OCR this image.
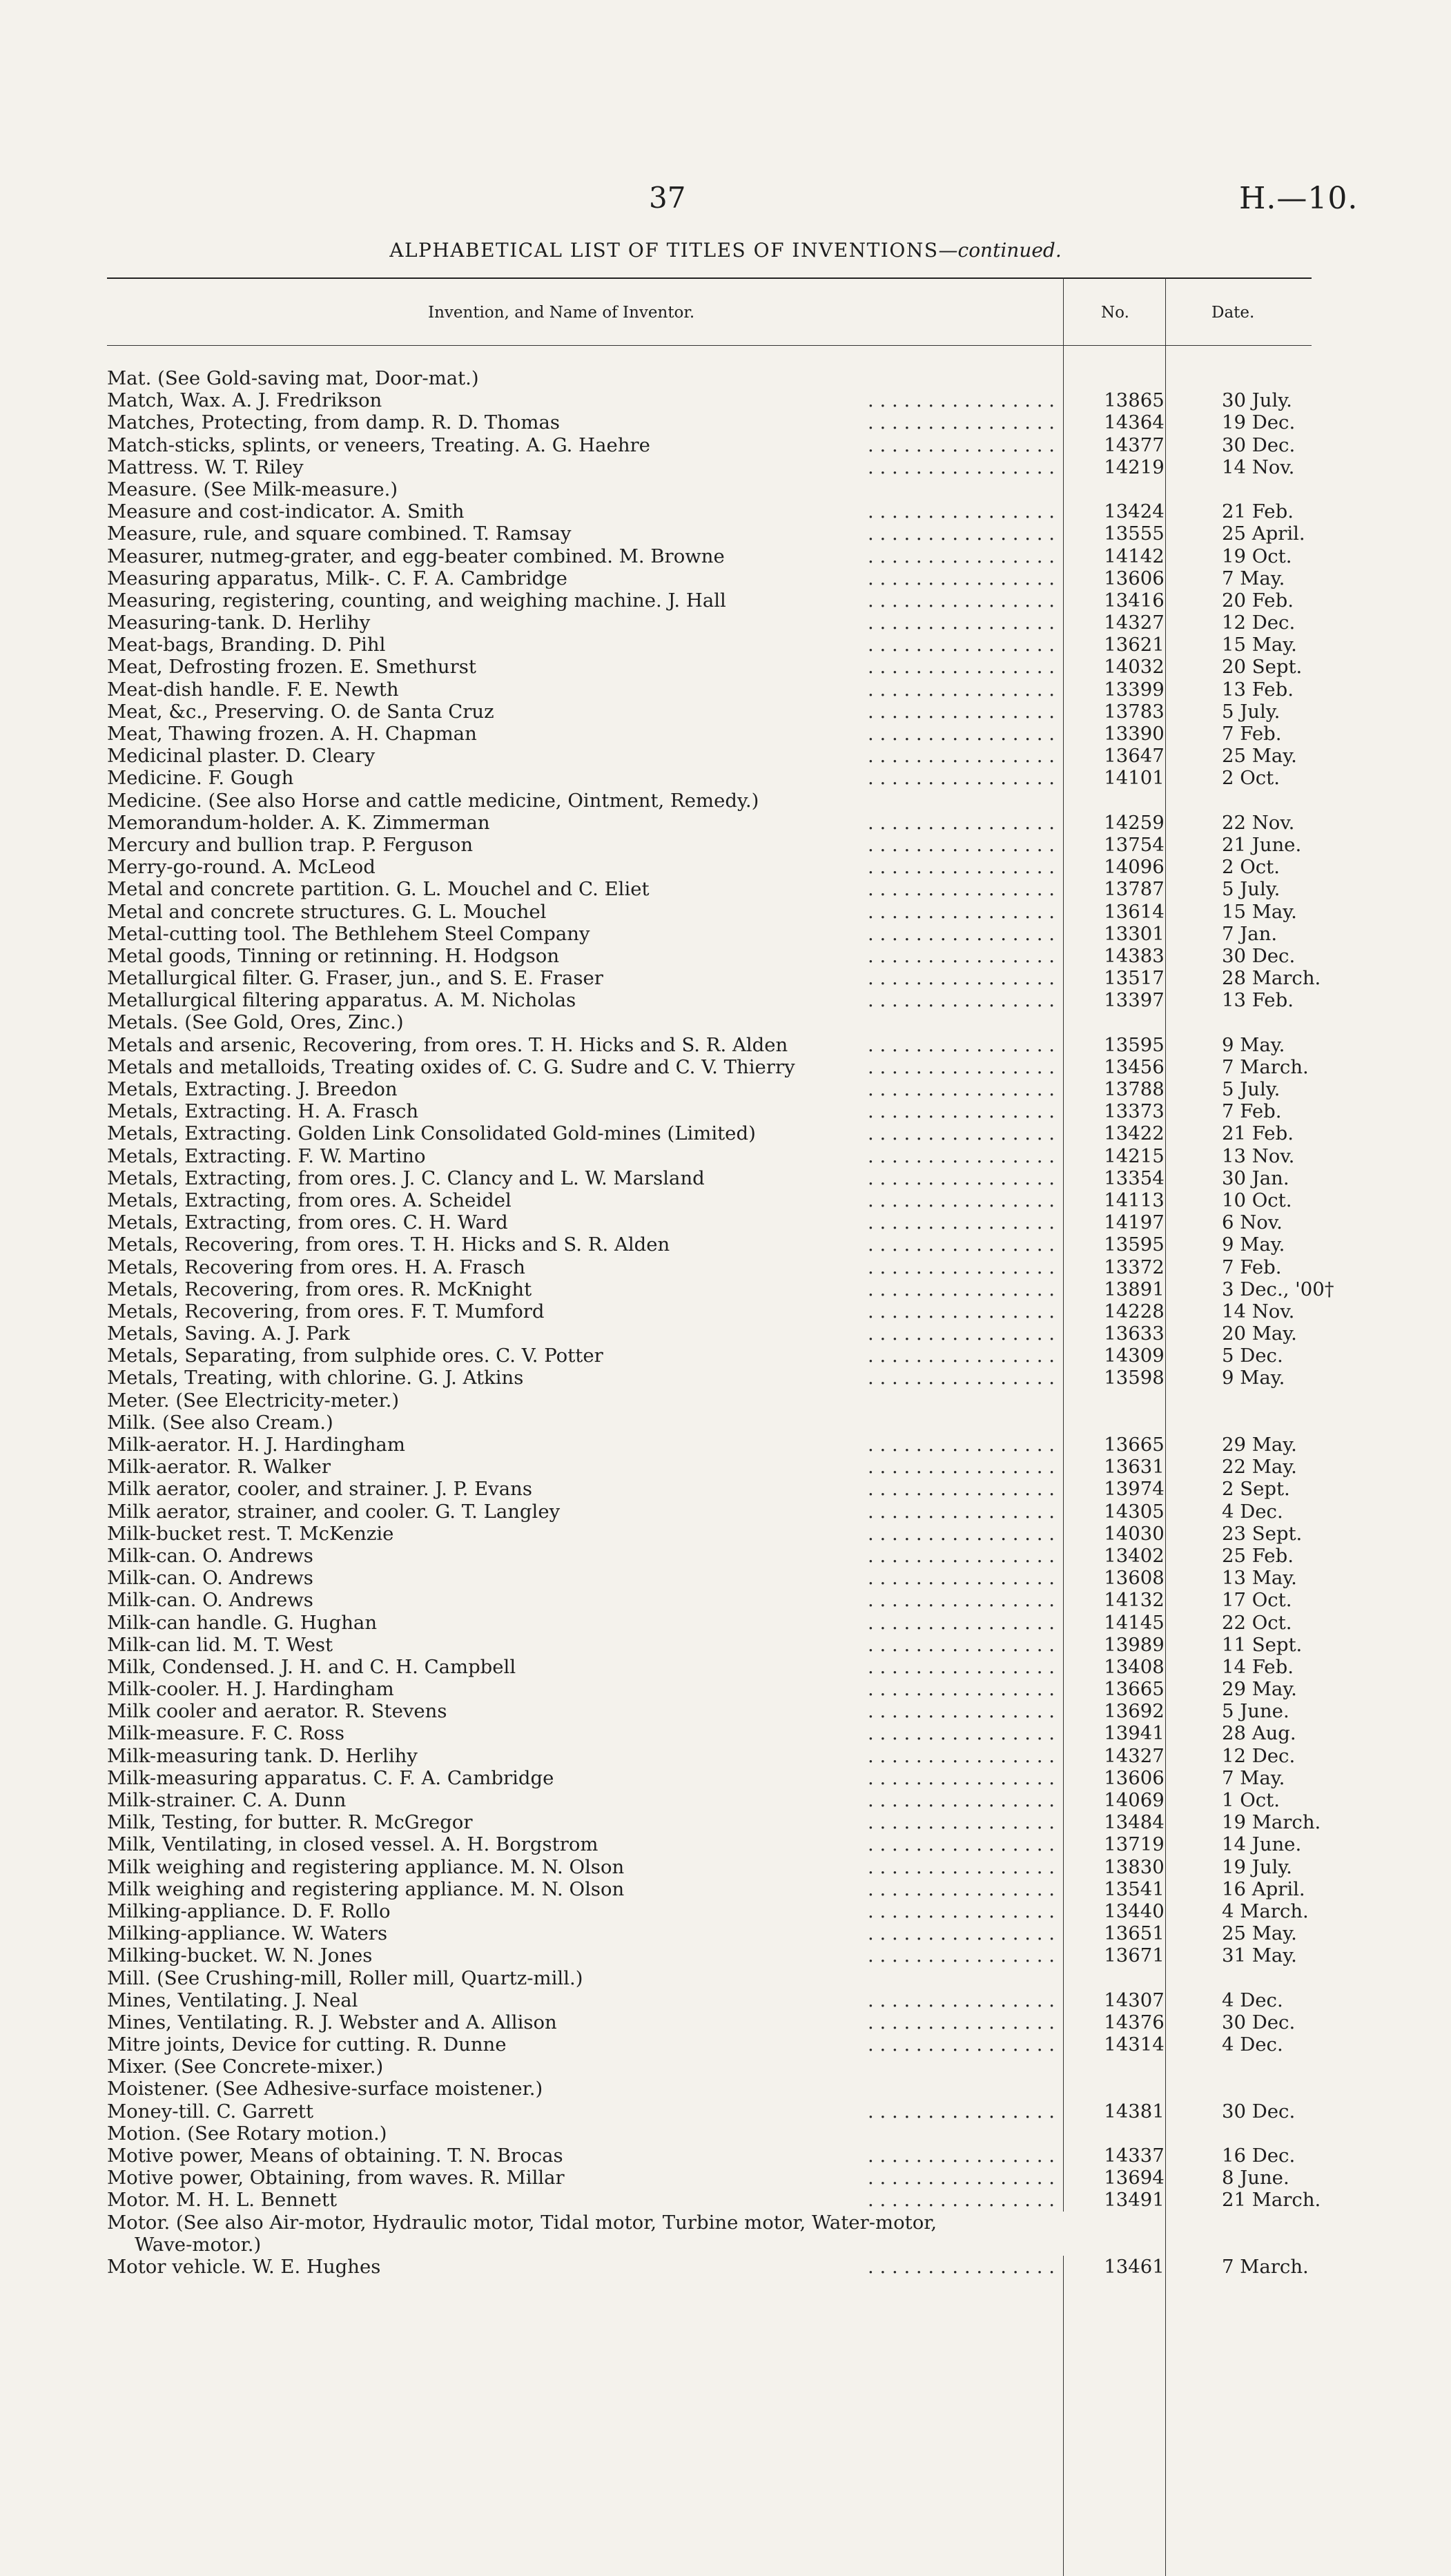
37	H.—10.
ALPHABETICAL LIST OF TITLES OF INVENTIONS—continued.
Invention, and Name of Inventor.	No.	Date.
Mat. (See Gold-saving mat, Door-mat.)
. . . . . . . . . . . . . . . .
Match, Wax. A. J. Fredrikson	13865	30 July.
. . . . . . . . . . . . . . . .
Matches, Protecting, from damp. R. D. Thomas	14364	19 Dec.
. . . . . . . . . . . . . . . .
Match-sticks, splints, or veneers, Treating. A. G. Haehre	14377	30 Dec.
. . . . . . . . . . . . . . . .
Mattress. W. T. Riley	14219	14 Nov.
Measure. (See Milk-measure.)
. . . . . . . . . . . . . . . .
Measure and cost-indicator. A. Smith	13424	21 Feb.
. . . . . . . . . . . . . . . .
Measure, rule, and square combined. T. Ramsay	13555	25 April.
. . . . . . . . . . . . . . . .
Measurer, nutmeg-grater, and egg-beater combined. M. Browne	14142	19 Oct.
. . . . . . . . . . . . . . . .
Measuring apparatus, Milk-. C. F. A. Cambridge	13606	7 May.
. . . . . . . . . . . . . . . .
Measuring, registering, counting, and weighing machine. J. Hall	13416	20 Feb.
. . . . . . . . . . . . . . . .
Measuring-tank. D. Herlihy	14327	12 Dec.
. . . . . . . . . . . . . . . .
Meat-bags, Branding. D. Pihl	13621	15 May.
. . . . . . . . . . . . . . . .
Meat, Defrosting frozen. E. Smethurst	14032	20 Sept.
. . . . . . . . . . . . . . . .
Meat-dish handle. F. E. Newth	13399	13 Feb.
. . . . . . . . . . . . . . . .
Meat, &c., Preserving. O. de Santa Cruz	13783	5 July.
. . . . . . . . . . . . . . . .
Meat, Thawing frozen. A. H. Chapman	13390	7 Feb.
. . . . . . . . . . . . . . . .
Medicinal plaster. D. Cleary	13647	25 May.
. . . . . . . . . . . . . . . .
Medicine. F. Gough	14101	2 Oct.
Medicine. (See also Horse and cattle medicine, Ointment, Remedy.)
. . . . . . . . . . . . . . . .
Memorandum-holder. A. K. Zimmerman	14259	22 Nov.
. . . . . . . . . . . . . . . .
Mercury and bullion trap. P. Ferguson	13754	21 June.
. . . . . . . . . . . . . . . .
Merry-go-round. A. McLeod	14096	2 Oct.
. . . . . . . . . . . . . . . .
Metal and concrete partition. G. L. Mouchel and C. Eliet	13787	5 July.
. . . . . . . . . . . . . . . .
Metal and concrete structures. G. L. Mouchel	13614	15 May.
. . . . . . . . . . . . . . . .
Metal-cutting tool. The Bethlehem Steel Company	13301	7 Jan.
. . . . . . . . . . . . . . . .
Metal goods, Tinning or retinning. H. Hodgson	14383	30 Dec.
. . . . . . . . . . . . . . . .
Metallurgical filter. G. Fraser, jun., and S. E. Fraser	13517	28 March.
. . . . . . . . . . . . . . . .
Metallurgical filtering apparatus. A. M. Nicholas	13397	13 Feb.
Metals. (See Gold, Ores, Zinc.)
. . . . . . . . . . . . . . . .
Metals and arsenic, Recovering, from ores. T. H. Hicks and S. R. Alden	13595	9 May.
. . . . . . . . . . . . . . . .
Metals and metalloids, Treating oxides of. C. G. Sudre and C. V. Thierry	13456	7 March.
. . . . . . . . . . . . . . . .
Metals, Extracting. J. Breedon	13788	5 July.
. . . . . . . . . . . . . . . .
Metals, Extracting. H. A. Frasch	13373	7 Feb.
. . . . . . . . . . . . . . . .
Metals, Extracting. Golden Link Consolidated Gold-mines (Limited)	13422	21 Feb.
. . . . . . . . . . . . . . . .
Metals, Extracting. F. W. Martino	14215	13 Nov.
. . . . . . . . . . . . . . . .
Metals, Extracting, from ores. J. C. Clancy and L. W. Marsland	13354	30 Jan.
. . . . . . . . . . . . . . . .
Metals, Extracting, from ores. A. Scheidel	14113	10 Oct.
. . . . . . . . . . . . . . . .
Metals, Extracting, from ores. C. H. Ward	14197	6 Nov.
. . . . . . . . . . . . . . . .
Metals, Recovering, from ores. T. H. Hicks and S. R. Alden	13595	9 May.
. . . . . . . . . . . . . . . .
Metals, Recovering from ores. H. A. Frasch	13372	7 Feb.
. . . . . . . . . . . . . . . .
Metals, Recovering, from ores. R. McKnight	13891	3 Dec., '00†
. . . . . . . . . . . . . . . .
Metals, Recovering, from ores. F. T. Mumford	14228	14 Nov.
. . . . . . . . . . . . . . . .
Metals, Saving. A. J. Park	13633	20 May.
. . . . . . . . . . . . . . . .
Metals, Separating, from sulphide ores. C. V. Potter	14309	5 Dec.
. . . . . . . . . . . . . . . .
Metals, Treating, with chlorine. G. J. Atkins	13598	9 May.
Meter. (See Electricity-meter.)
Milk. (See also Cream.)
. . . . . . . . . . . . . . . .
Milk-aerator. H. J. Hardingham	13665	29 May.
. . . . . . . . . . . . . . . .
Milk-aerator. R. Walker	13631	22 May.
. . . . . . . . . . . . . . . .
Milk aerator, cooler, and strainer. J. P. Evans	13974	2 Sept.
. . . . . . . . . . . . . . . .
Milk aerator, strainer, and cooler. G. T. Langley	14305	4 Dec.
. . . . . . . . . . . . . . . .
Milk-bucket rest. T. McKenzie	14030	23 Sept.
. . . . . . . . . . . . . . . .
Milk-can. O. Andrews	13402	25 Feb.
. . . . . . . . . . . . . . . .
Milk-can. O. Andrews	13608	13 May.
. . . . . . . . . . . . . . . .
Milk-can. O. Andrews	14132	17 Oct.
. . . . . . . . . . . . . . . .
Milk-can handle. G. Hughan	14145	22 Oct.
. . . . . . . . . . . . . . . .
Milk-can lid. M. T. West	13989	11 Sept.
. . . . . . . . . . . . . . . .
Milk, Condensed. J. H. and C. H. Campbell	13408	14 Feb.
. . . . . . . . . . . . . . . .
Milk-cooler. H. J. Hardingham	13665	29 May.
. . . . . . . . . . . . . . . .
Milk cooler and aerator. R. Stevens	13692	5 June.
. . . . . . . . . . . . . . . .
Milk-measure. F. C. Ross	13941	28 Aug.
. . . . . . . . . . . . . . . .
Milk-measuring tank. D. Herlihy	14327	12 Dec.
. . . . . . . . . . . . . . . .
Milk-measuring apparatus. C. F. A. Cambridge	13606	7 May.
. . . . . . . . . . . . . . . .
Milk-strainer. C. A. Dunn	14069	1 Oct.
. . . . . . . . . . . . . . . .
Milk, Testing, for butter. R. McGregor	13484	19 March.
. . . . . . . . . . . . . . . .
Milk, Ventilating, in closed vessel. A. H. Borgstrom	13719	14 June.
. . . . . . . . . . . . . . . .
Milk weighing and registering appliance. M. N. Olson	13830	19 July.
. . . . . . . . . . . . . . . .
Milk weighing and registering appliance. M. N. Olson	13541	16 April.
. . . . . . . . . . . . . . . .
Milking-appliance. D. F. Rollo	13440	4 March.
. . . . . . . . . . . . . . . .
Milking-appliance. W. Waters	13651	25 May.
. . . . . . . . . . . . . . . .
Milking-bucket. W. N. Jones	13671	31 May.
Mill. (See Crushing-mill, Roller mill, Quartz-mill.)
. . . . . . . . . . . . . . . .
Mines, Ventilating. J. Neal	14307	4 Dec.
. . . . . . . . . . . . . . . .
Mines, Ventilating. R. J. Webster and A. Allison	14376	30 Dec.
. . . . . . . . . . . . . . . .
Mitre joints, Device for cutting. R. Dunne	14314	4 Dec.
Mixer. (See Concrete-mixer.)
Moistener. (See Adhesive-surface moistener.)
. . . . . . . . . . . . . . . .
Money-till. C. Garrett	14381	30 Dec.
Motion. (See Rotary motion.)
. . . . . . . . . . . . . . . .
Motive power, Means of obtaining. T. N. Brocas	14337	16 Dec.
. . . . . . . . . . . . . . . .
Motive power, Obtaining, from waves. R. Millar	13694	8 June.
. . . . . . . . . . . . . . . .
Motor. M. H. L. Bennett	13491	21 March.
Motor. (See also Air-motor, Hydraulic motor, Tidal motor, Turbine motor, Water-motor,
Wave-motor.)
. . . . . . . . . . . . . . . .
Motor vehicle. W. E. Hughes	13461	7 March.
